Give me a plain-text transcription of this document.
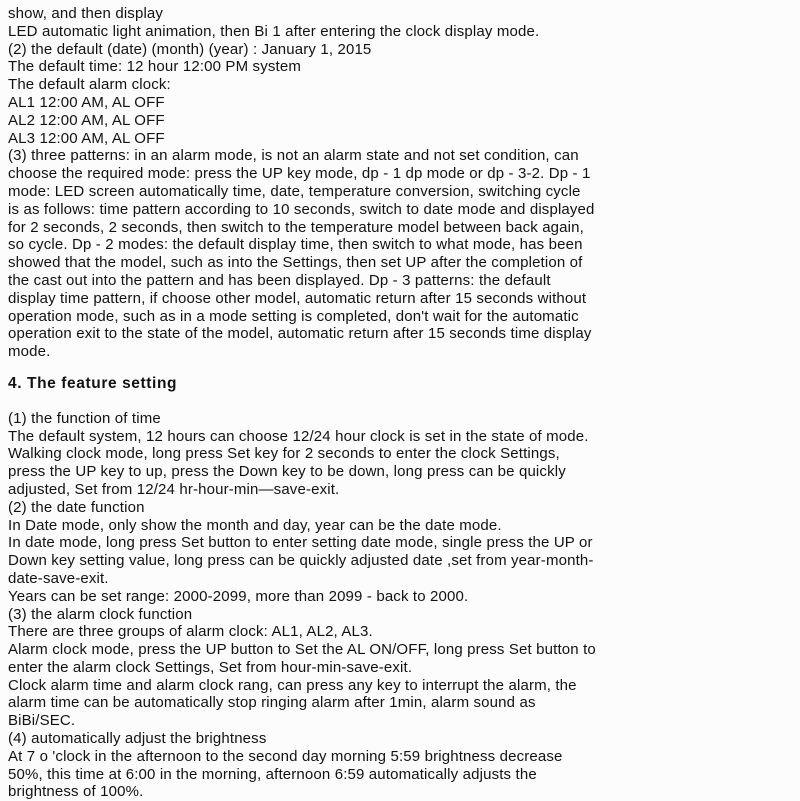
show, and then display
LED automatic light animation, then Bi 1 after entering the clock display mode.
(2) the default (date) (month) (year) : January 1, 2015
The default time: 12 hour 12:00 PM system
The default alarm clock:
AL1 12:00 AM, AL OFF
AL2 12:00 AM, AL OFF
AL3 12:00 AM, AL OFF
(3) three patterns: in an alarm mode, is not an alarm state and not set condition, can
choose the required mode: press the UP key mode, dp - 1 dp mode or dp - 3-2. Dp - 1
mode: LED screen automatically time, date, temperature conversion, switching cycle
is as follows: time pattern according to 10 seconds, switch to date mode and displayed
for 2 seconds, 2 seconds, then switch to the temperature model between back again,
so cycle. Dp - 2 modes: the default display time, then switch to what mode, has been
showed that the model, such as into the Settings, then set UP after the completion of
the cast out into the pattern and has been displayed. Dp - 3 patterns: the default
display time pattern, if choose other model, automatic return after 15 seconds without
operation mode, such as in a mode setting is completed, don't wait for the automatic
operation exit to the state of the model, automatic return after 15 seconds time display
mode.
4. The feature setting
(1) the function of time
The default system, 12 hours can choose 12/24 hour clock is set in the state of mode.
Walking clock mode, long press Set key for 2 seconds to enter the clock Settings,
press the UP key to up, press the Down key to be down, long press can be quickly
adjusted, Set from 12/24 hr-hour-min—save-exit.
(2) the date function
In Date mode, only show the month and day, year can be the date mode.
In date mode, long press Set button to enter setting date mode, single press the UP or
Down key setting value, long press can be quickly adjusted date ,set from year-month-
date-save-exit.
Years can be set range: 2000-2099, more than 2099 - back to 2000.
(3) the alarm clock function
There are three groups of alarm clock: AL1, AL2, AL3.
Alarm clock mode, press the UP button to Set the AL ON/OFF, long press Set button to
enter the alarm clock Settings, Set from hour-min-save-exit.
Clock alarm time and alarm clock rang, can press any key to interrupt the alarm, the
alarm time can be automatically stop ringing alarm after 1min, alarm sound as
BiBi/SEC.
(4) automatically adjust the brightness
At 7 o 'clock in the afternoon to the second day morning 5:59 brightness decrease
50%, this time at 6:00 in the morning, afternoon 6:59 automatically adjusts the
brightness of 100%.
